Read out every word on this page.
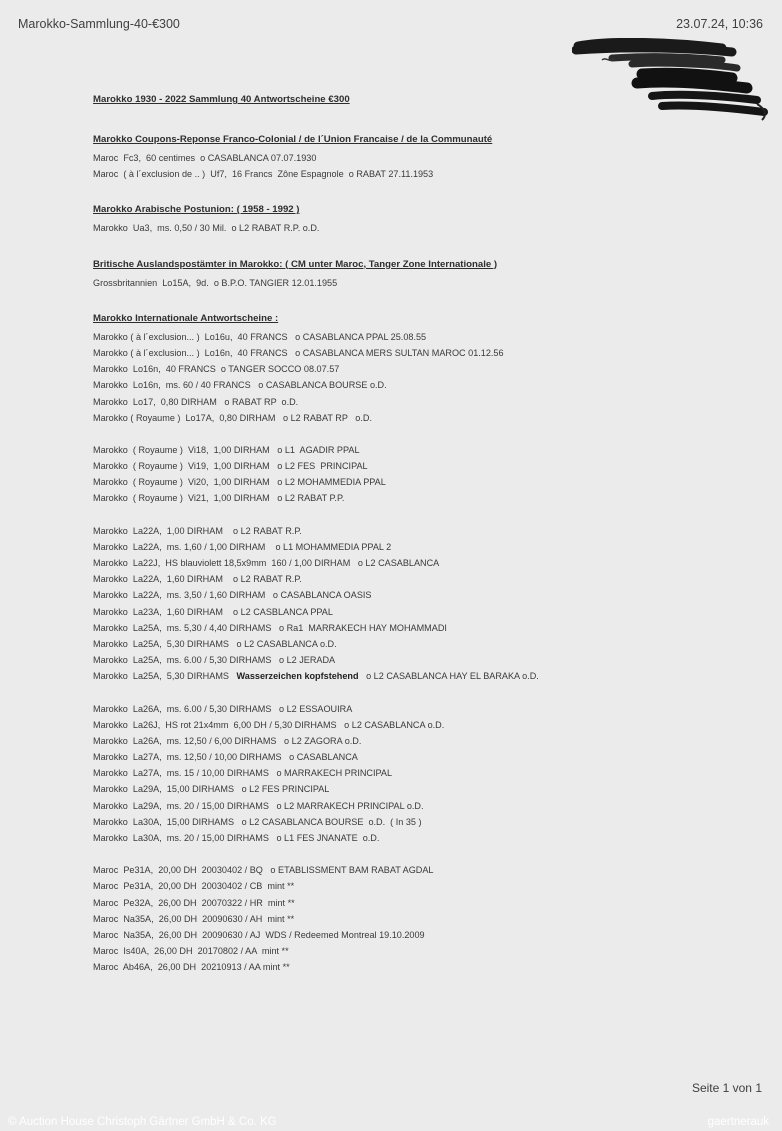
Marokko-Sammlung-40-€300	23.07.24, 10:36
Marokko 1930 - 2022 Sammlung 40 Antwortscheine €300
Marokko Coupons-Reponse Franco-Colonial / de l´Union Francaise / de la Communauté
Maroc  Fc3,  60 centimes  o CASABLANCA 07.07.1930
Maroc  ( à l´exclusion de .. )  Uf7,  16 Francs  Zône Espagnole  o RABAT 27.11.1953
Marokko Arabische Postunion: ( 1958 - 1992 )
Marokko  Ua3,  ms. 0,50 / 30 Mil.  o L2 RABAT R.P. o.D.
Britische Auslandspostämter in Marokko: ( CM unter Maroc, Tanger Zone Internationale )
Grossbritannien  Lo15A,  9d.  o B.P.O. TANGIER 12.01.1955
Marokko Internationale Antwortscheine :
Marokko ( à l´exclusion... )  Lo16u,  40 FRANCS   o CASABLANCA PPAL 25.08.55
Marokko ( à l´exclusion... )  Lo16n,  40 FRANCS   o CASABLANCA MERS SULTAN MAROC 01.12.56
Marokko  Lo16n,  40 FRANCS  o TANGER SOCCO 08.07.57
Marokko  Lo16n,  ms. 60 / 40 FRANCS   o CASABLANCA BOURSE o.D.
Marokko  Lo17,  0,80 DIRHAM   o RABAT RP  o.D.
Marokko ( Royaume )  Lo17A,  0,80 DIRHAM   o L2 RABAT RP   o.D.
Marokko  ( Royaume )  Vi18,  1,00 DIRHAM   o L1  AGADIR PPAL
Marokko  ( Royaume )  Vi19,  1,00 DIRHAM   o L2 FES  PRINCIPAL
Marokko  ( Royaume )  Vi20,  1,00 DIRHAM   o L2 MOHAMMEDIA PPAL
Marokko  ( Royaume )  Vi21,  1,00 DIRHAM   o L2 RABAT P.P.
Marokko  La22A,  1,00 DIRHAM    o L2 RABAT R.P.
Marokko  La22A,  ms. 1,60 / 1,00 DIRHAM    o L1 MOHAMMEDIA PPAL 2
Marokko  La22J,  HS blauviolett 18,5x9mm  160 / 1,00 DIRHAM   o L2 CASABLANCA
Marokko  La22A,  1,60 DIRHAM    o L2 RABAT R.P.
Marokko  La22A,  ms. 3,50 / 1,60 DIRHAM   o CASABLANCA OASIS
Marokko  La23A,  1,60 DIRHAM    o L2 CASBLANCA PPAL
Marokko  La25A,  ms. 5,30 / 4,40 DIRHAMS   o Ra1  MARRAKECH HAY MOHAMMADI
Marokko  La25A,  5,30 DIRHAMS   o L2 CASABLANCA o.D.
Marokko  La25A,  ms. 6.00 / 5,30 DIRHAMS   o L2 JERADA
Marokko  La25A,  5,30 DIRHAMS   Wasserzeichen kopfstehend   o L2 CASABLANCA HAY EL BARAKA o.D.
Marokko  La26A,  ms. 6.00 / 5,30 DIRHAMS   o L2 ESSAOUIRA
Marokko  La26J,  HS rot 21x4mm  6,00 DH / 5,30 DIRHAMS   o L2 CASABLANCA o.D.
Marokko  La26A,  ms. 12,50 / 6,00 DIRHAMS   o L2 ZAGORA o.D.
Marokko  La27A,  ms. 12,50 / 10,00 DIRHAMS   o CASABLANCA
Marokko  La27A,  ms. 15 / 10,00 DIRHAMS   o MARRAKECH PRINCIPAL
Marokko  La29A,  15,00 DIRHAMS   o L2 FES PRINCIPAL
Marokko  La29A,  ms. 20 / 15,00 DIRHAMS   o L2 MARRAKECH PRINCIPAL o.D.
Marokko  La30A,  15,00 DIRHAMS   o L2 CASABLANCA BOURSE  o.D.  ( In 35 )
Marokko  La30A,  ms. 20 / 15,00 DIRHAMS   o L1 FES JNANATE  o.D.
Maroc  Pe31A,  20,00 DH  20030402 / BQ   o ETABLISSMENT BAM RABAT AGDAL
Maroc  Pe31A,  20,00 DH  20030402 / CB  mint **
Maroc  Pe32A,  26,00 DH  20070322 / HR  mint **
Maroc  Na35A,  26,00 DH  20090630 / AH  mint **
Maroc  Na35A,  26,00 DH  20090630 / AJ  WDS / Redeemed Montreal 19.10.2009
Maroc  Is40A,  26,00 DH  20170802 / AA  mint **
Maroc  Ab46A,  26,00 DH  20210913 / AA mint **
Seite 1 von 1
© Auction House Christoph Gärtner GmbH & Co. KG	gaertnerauk
